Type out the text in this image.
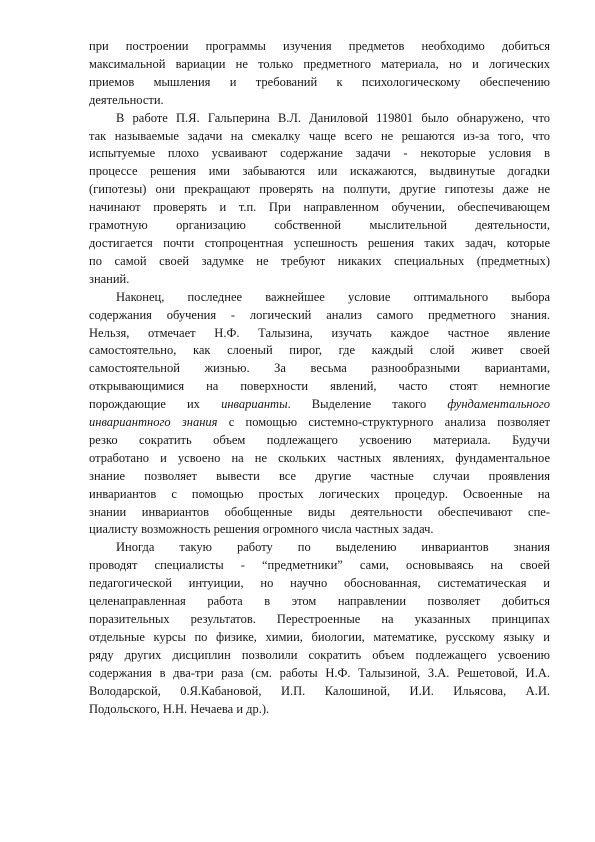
при построении программы изучения предметов необходимо добиться
максимальной вариации не только предметного материала, но и логических
приемов мышления и требований к психологическому обеспечению
деятельности.
В работе П.Я. Гальперина В.Л. Даниловой 119801 было обнаружено, что
так называемые задачи на смекалку чаще всего не решаются из-за того, что
испытуемые плохо усваивают содержание задачи - некоторые условия в
процессе решения ими забываются или искажаются, выдвинутые догадки
(гипотезы) они прекращают проверять на полпути, другие гипотезы даже не
начинают проверять и т.п. При направленном обучении, обеспечивающем
грамотную организацию собственной мыслительной деятельности,
достигается почти стопроцентная успешность решения таких задач, которые
по самой своей задумке не требуют никаких специальных (предметных)
знаний.
Наконец, последнее важнейшее условие оптимального выбора
содержания обучения - логический анализ самого предметного знания.
Нельзя, отмечает Н.Ф. Талызина, изучать каждое частное явление
самостоятельно, как слоеный пирог, где каждый слой живет своей
самостоятельной жизнью. За весьма разнообразными вариантами,
открывающимися на поверхности явлений, часто стоят немногие
порождающие их инварианты. Выделение такого фундаментального
инвариантного знания с помощью системно-структурного анализа позволяет
резко сократить объем подлежащего усвоению материала. Будучи
отработано и усвоено на не скольких частных явлениях, фундаментальное
знание позволяет вывести все другие частные случаи проявления
инвариантов с помощью простых логических процедур. Освоенные на
знании инвариантов обобщенные виды деятельности обеспечивают спе-
циалисту возможность решения огромного числа частных задач.
Иногда такую работу по выделению инвариантов знания
проводят специалисты - “предметники” сами, основываясь на своей
педагогической интуиции, но научно обоснованная, систематическая и
целенаправленная работа в этом направлении позволяет добиться
поразительных результатов. Перестроенные на указанных принципах
отдельные курсы по физике, химии, биологии, математике, русскому языку и
ряду других дисциплин позволили сократить объем подлежащего усвоению
содержания в два-три раза (см. работы Н.Ф. Талызиной, З.А. Решетовой, И.А.
Володарской, 0.Я.Кабановой, И.П. Калошиной, И.И. Ильясова, А.И.
Подольского, Н.Н. Нечаева и др.).
